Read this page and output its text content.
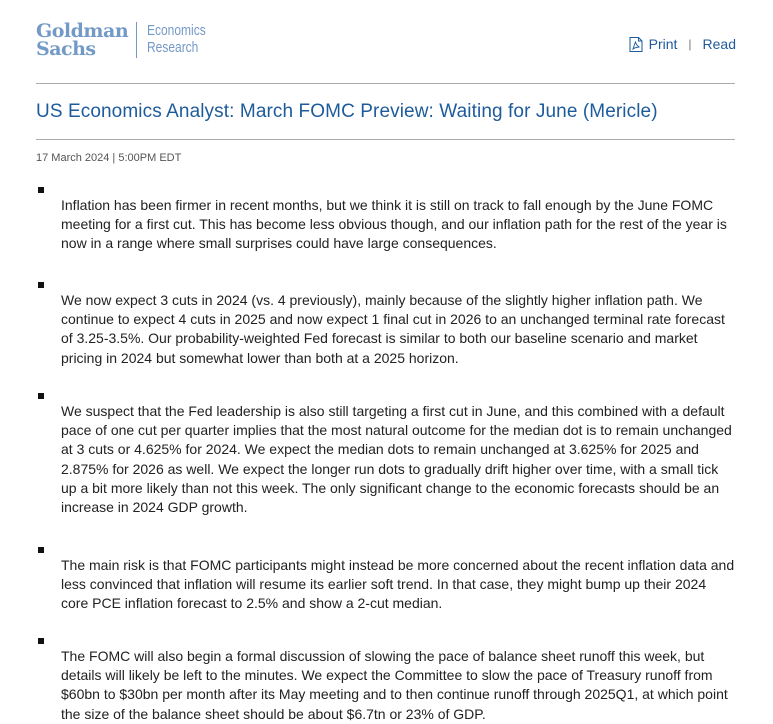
Goldman
Sachs
Economics
Research	Print | Read
US Economics Analyst: March FOMC Preview: Waiting for June (Mericle)
17 March 2024 | 5:00PM EDT
Inflation has been firmer in recent months, but we think it is still on track to fall enough by the June FOMC meeting for a first cut. This has become less obvious though, and our inflation path for the rest of the year is now in a range where small surprises could have large consequences.
We now expect 3 cuts in 2024 (vs. 4 previously), mainly because of the slightly higher inflation path. We continue to expect 4 cuts in 2025 and now expect 1 final cut in 2026 to an unchanged terminal rate forecast of 3.25-3.5%. Our probability-weighted Fed forecast is similar to both our baseline scenario and market pricing in 2024 but somewhat lower than both at a 2025 horizon.
We suspect that the Fed leadership is also still targeting a first cut in June, and this combined with a default pace of one cut per quarter implies that the most natural outcome for the median dot is to remain unchanged at 3 cuts or 4.625% for 2024. We expect the median dots to remain unchanged at 3.625% for 2025 and 2.875% for 2026 as well. We expect the longer run dots to gradually drift higher over time, with a small tick up a bit more likely than not this week. The only significant change to the economic forecasts should be an increase in 2024 GDP growth.
The main risk is that FOMC participants might instead be more concerned about the recent inflation data and less convinced that inflation will resume its earlier soft trend. In that case, they might bump up their 2024 core PCE inflation forecast to 2.5% and show a 2-cut median.
The FOMC will also begin a formal discussion of slowing the pace of balance sheet runoff this week, but details will likely be left to the minutes. We expect the Committee to slow the pace of Treasury runoff from $60bn to $30bn per month after its May meeting and to then continue runoff through 2025Q1, at which point the size of the balance sheet should be about $6.7tn or 23% of GDP.
